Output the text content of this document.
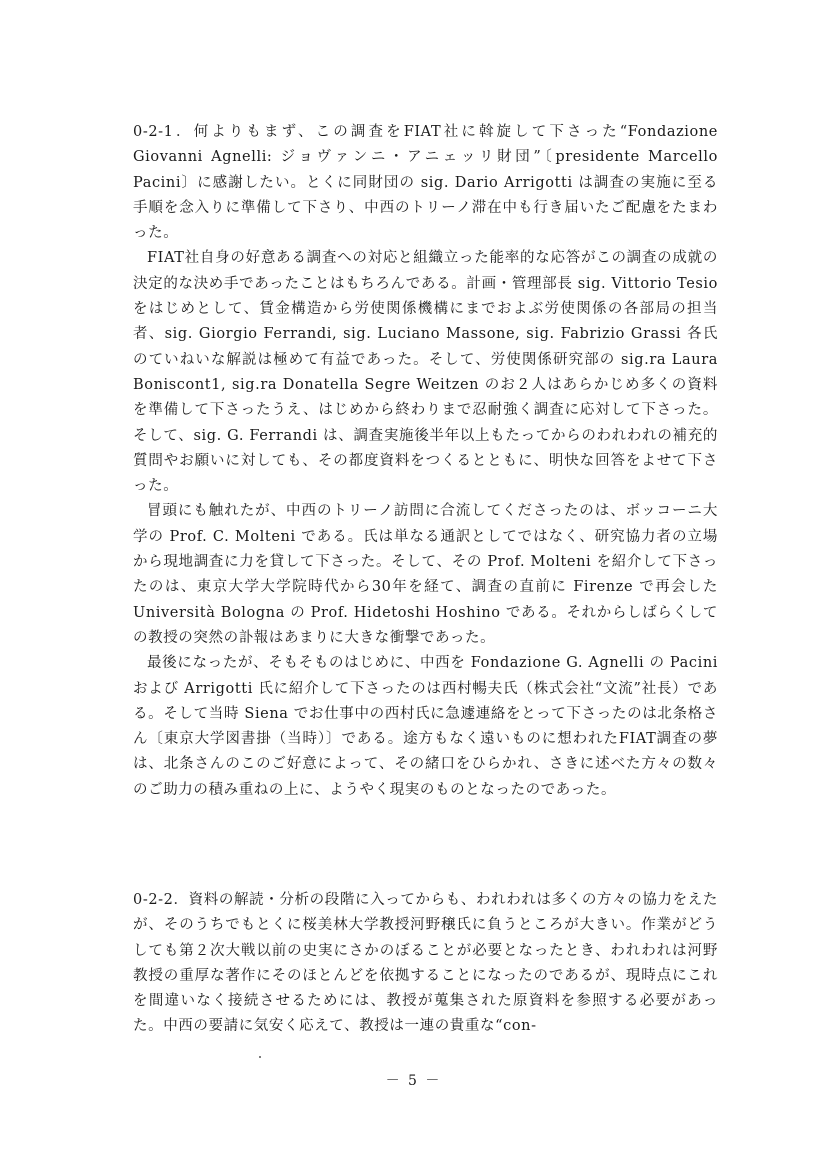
0-2-1．何よりもまず、この調査をFIAT社に斡旋して下さった“Fondazione Giovanni Agnelli: ジョヴァンニ・アニェッリ財団”〔presidente Marcello Pacini〕に感謝したい。とくに同財団の sig. Dario Arrigotti は調査の実施に至る手順を念入りに準備して下さり、中西のトリーノ滞在中も行き届いたご配慮をたまわった。

FIAT社自身の好意ある調査への対応と組織立った能率的な応答がこの調査の成就の決定的な決め手であったことはもちろんである。計画・管理部長 sig. Vittorio Tesio をはじめとして、賃金構造から労使関係機構にまでおよぶ労使関係の各部局の担当者、sig. Giorgio Ferrandi, sig. Luciano Massone, sig. Fabrizio Grassi 各氏のていねいな解説は極めて有益であった。そして、労使関係研究部の sig.ra Laura Boniscont1, sig.ra Donatella Segre Weitzen のお２人はあらかじめ多くの資料を準備して下さったうえ、はじめから終わりまで忍耐強く調査に応対して下さった。そして、sig. G. Ferrandi は、調査実施後半年以上もたってからのわれわれの補充的質問やお願いに対しても、その都度資料をつくるとともに、明快な回答をよせて下さった。

冒頭にも触れたが、中西のトリーノ訪問に合流してくださったのは、ボッコーニ大学の Prof. C. Molteni である。氏は単なる通訳としてではなく、研究協力者の立場から現地調査に力を貸して下さった。そして、その Prof. Molteni を紹介して下さったのは、東京大学大学院時代から30年を経て、調査の直前に Firenze で再会した Università Bologna の Prof. Hidetoshi Hoshino である。それからしばらくしての教授の突然の訃報はあまりに大きな衝撃であった。

最後になったが、そもそものはじめに、中西を Fondazione G. Agnelli の Pacini および Arrigotti 氏に紹介して下さったのは西村暢夫氏（株式会社“文流”社長）である。そして当時 Siena でお仕事中の西村氏に急遽連絡をとって下さったのは北条格さん〔東京大学図書掛（当時）〕である。途方もなく遠いものに想われたFIAT調査の夢は、北条さんのこのご好意によって、その緒口をひらかれ、さきに述べた方々の数々のご助力の積み重ねの上に、ようやく現実のものとなったのであった。

0-2-2．資料の解読・分析の段階に入ってからも、われわれは多くの方々の協力をえたが、そのうちでもとくに桜美林大学教授河野穣氏に負うところが大きい。作業がどうしても第２次大戦以前の史実にさかのぼることが必要となったとき、われわれは河野教授の重厚な著作にそのほとんどを依拠することになったのであるが、現時点にこれを間違いなく接続させるためには、教授が蒐集された原資料を参照する必要があった。中西の要請に気安く応えて、教授は一連の貴重な“con-

－ 5 －
